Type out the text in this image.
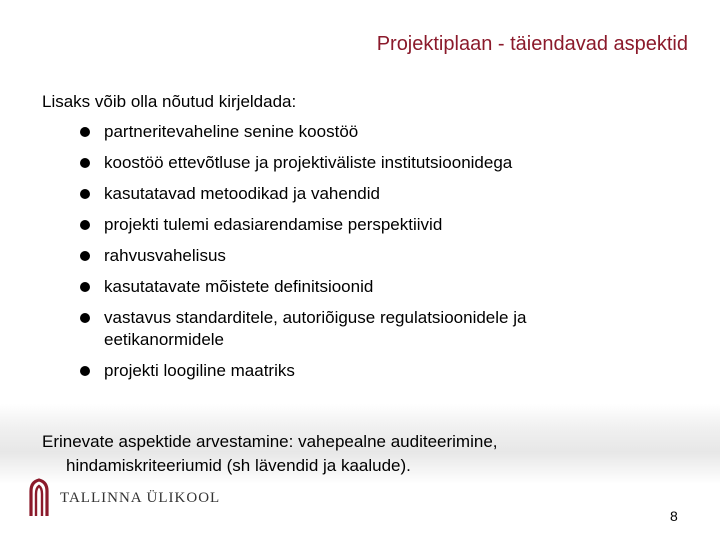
Projektiplaan - täiendavad aspektid
Lisaks võib olla nõutud kirjeldada:
partneritevaheline senine koostöö
koostöö ettevõtluse ja projektiväliste institutsioonidega
kasutatavad metoodikad ja vahendid
projekti tulemi edasiarendamise perspektiivid
rahvusvahelisus
kasutatavate mõistete definitsioonid
vastavus standarditele, autoriõiguse regulatsioonidele ja eetikanormidele
projekti loogiline maatriks
Erinevate aspektide arvestamine: vahepealne auditeerimine,
hindamiskriteeriumid (sh lävendid ja kaalude).
TALLINNA ÜLIKOOL
8
